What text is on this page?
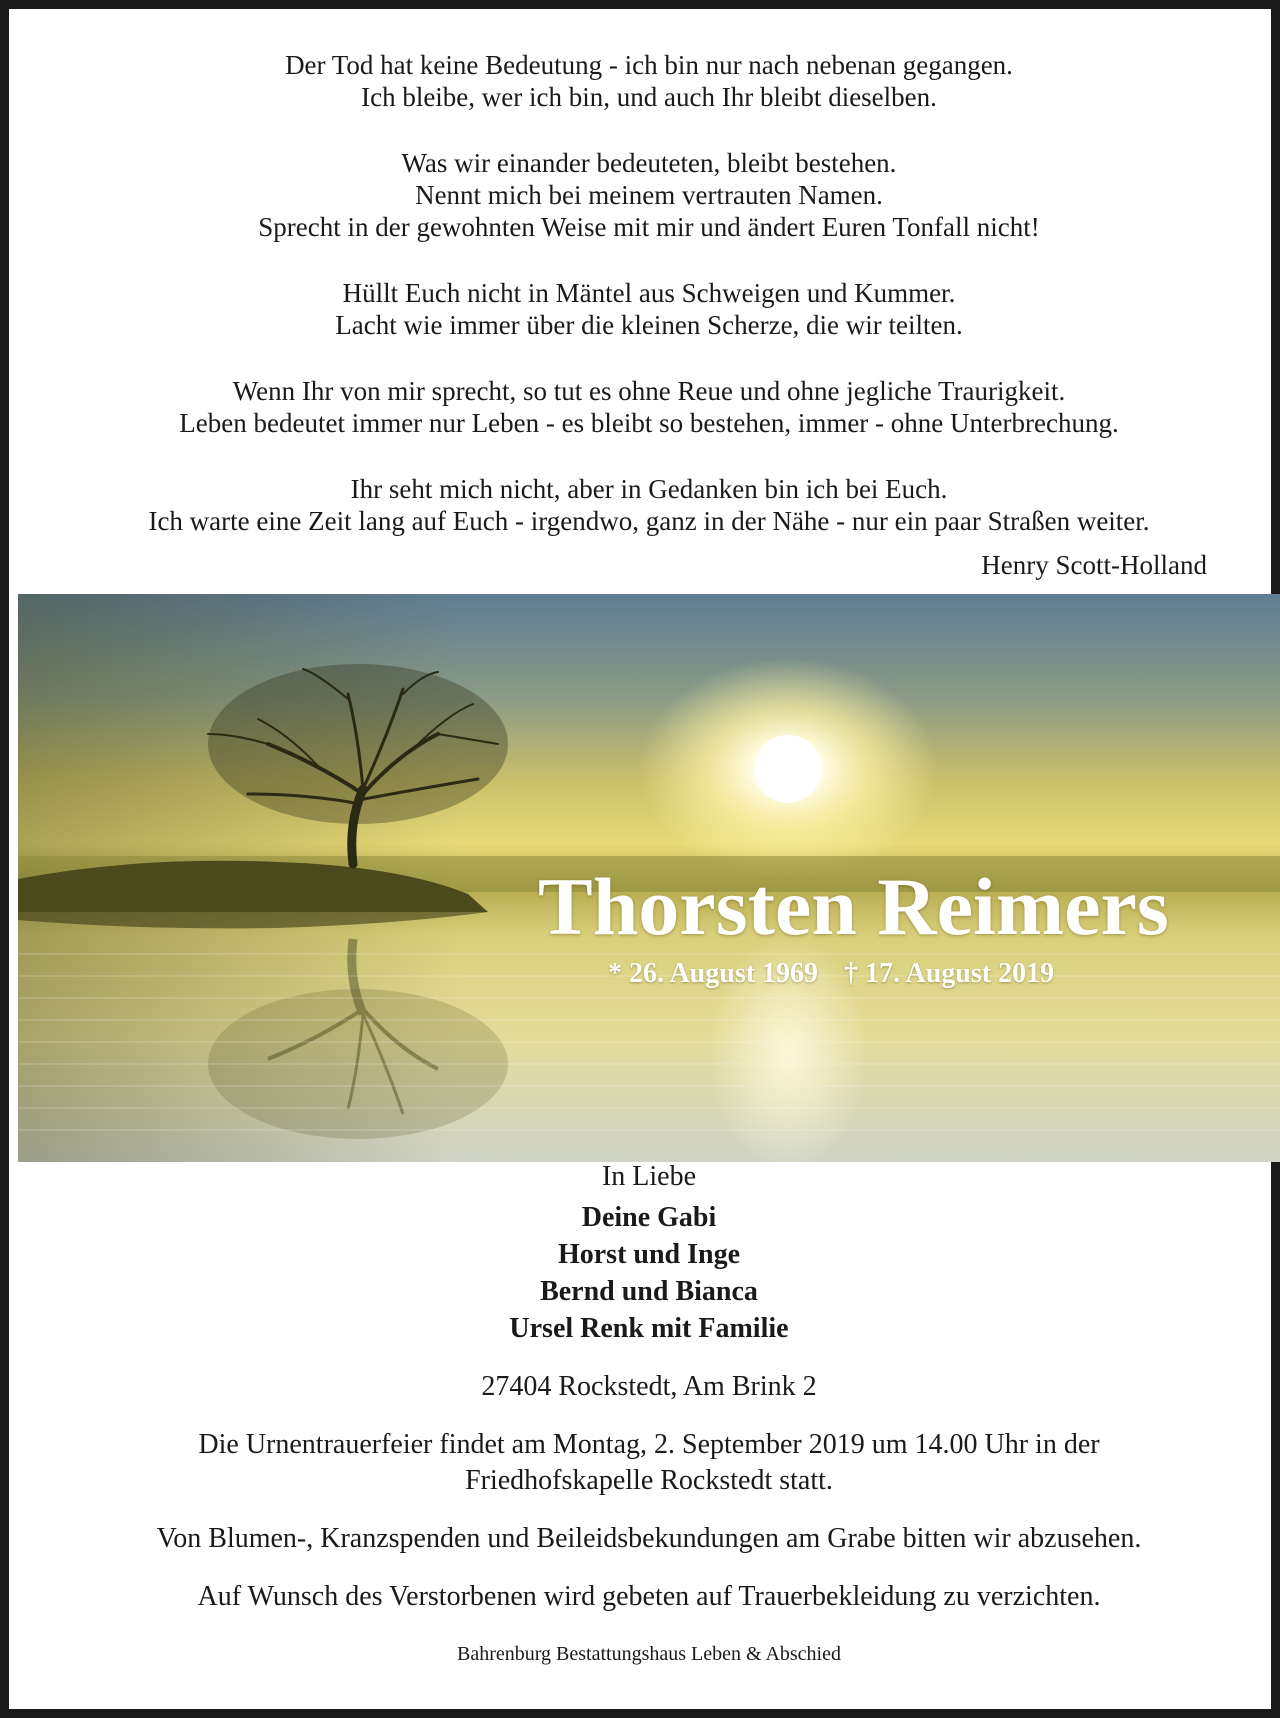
Der Tod hat keine Bedeutung - ich bin nur nach nebenan gegangen.
Ich bleibe, wer ich bin, und auch Ihr bleibt dieselben.
Was wir einander bedeuteten, bleibt bestehen.
Nennt mich bei meinem vertrauten Namen.
Sprecht in der gewohnten Weise mit mir und ändert Euren Tonfall nicht!
Hüllt Euch nicht in Mäntel aus Schweigen und Kummer.
Lacht wie immer über die kleinen Scherze, die wir teilten.
Wenn Ihr von mir sprecht, so tut es ohne Reue und ohne jegliche Traurigkeit.
Leben bedeutet immer nur Leben - es bleibt so bestehen, immer - ohne Unterbrechung.
Ihr seht mich nicht, aber in Gedanken bin ich bei Euch.
Ich warte eine Zeit lang auf Euch - irgendwo, ganz in der Nähe - nur ein paar Straßen weiter.
Henry Scott-Holland
Thorsten Reimers
* 26. August 1969 † 17. August 2019
In Liebe
Deine Gabi
Horst und Inge
Bernd und Bianca
Ursel Renk mit Familie
27404 Rockstedt, Am Brink 2
Die Urnentrauerfeier findet am Montag, 2. September 2019 um 14.00 Uhr in der
Friedhofskapelle Rockstedt statt.
Von Blumen-, Kranzspenden und Beileidsbekundungen am Grabe bitten wir abzusehen.
Auf Wunsch des Verstorbenen wird gebeten auf Trauerbekleidung zu verzichten.
Bahrenburg Bestattungshaus Leben & Abschied
